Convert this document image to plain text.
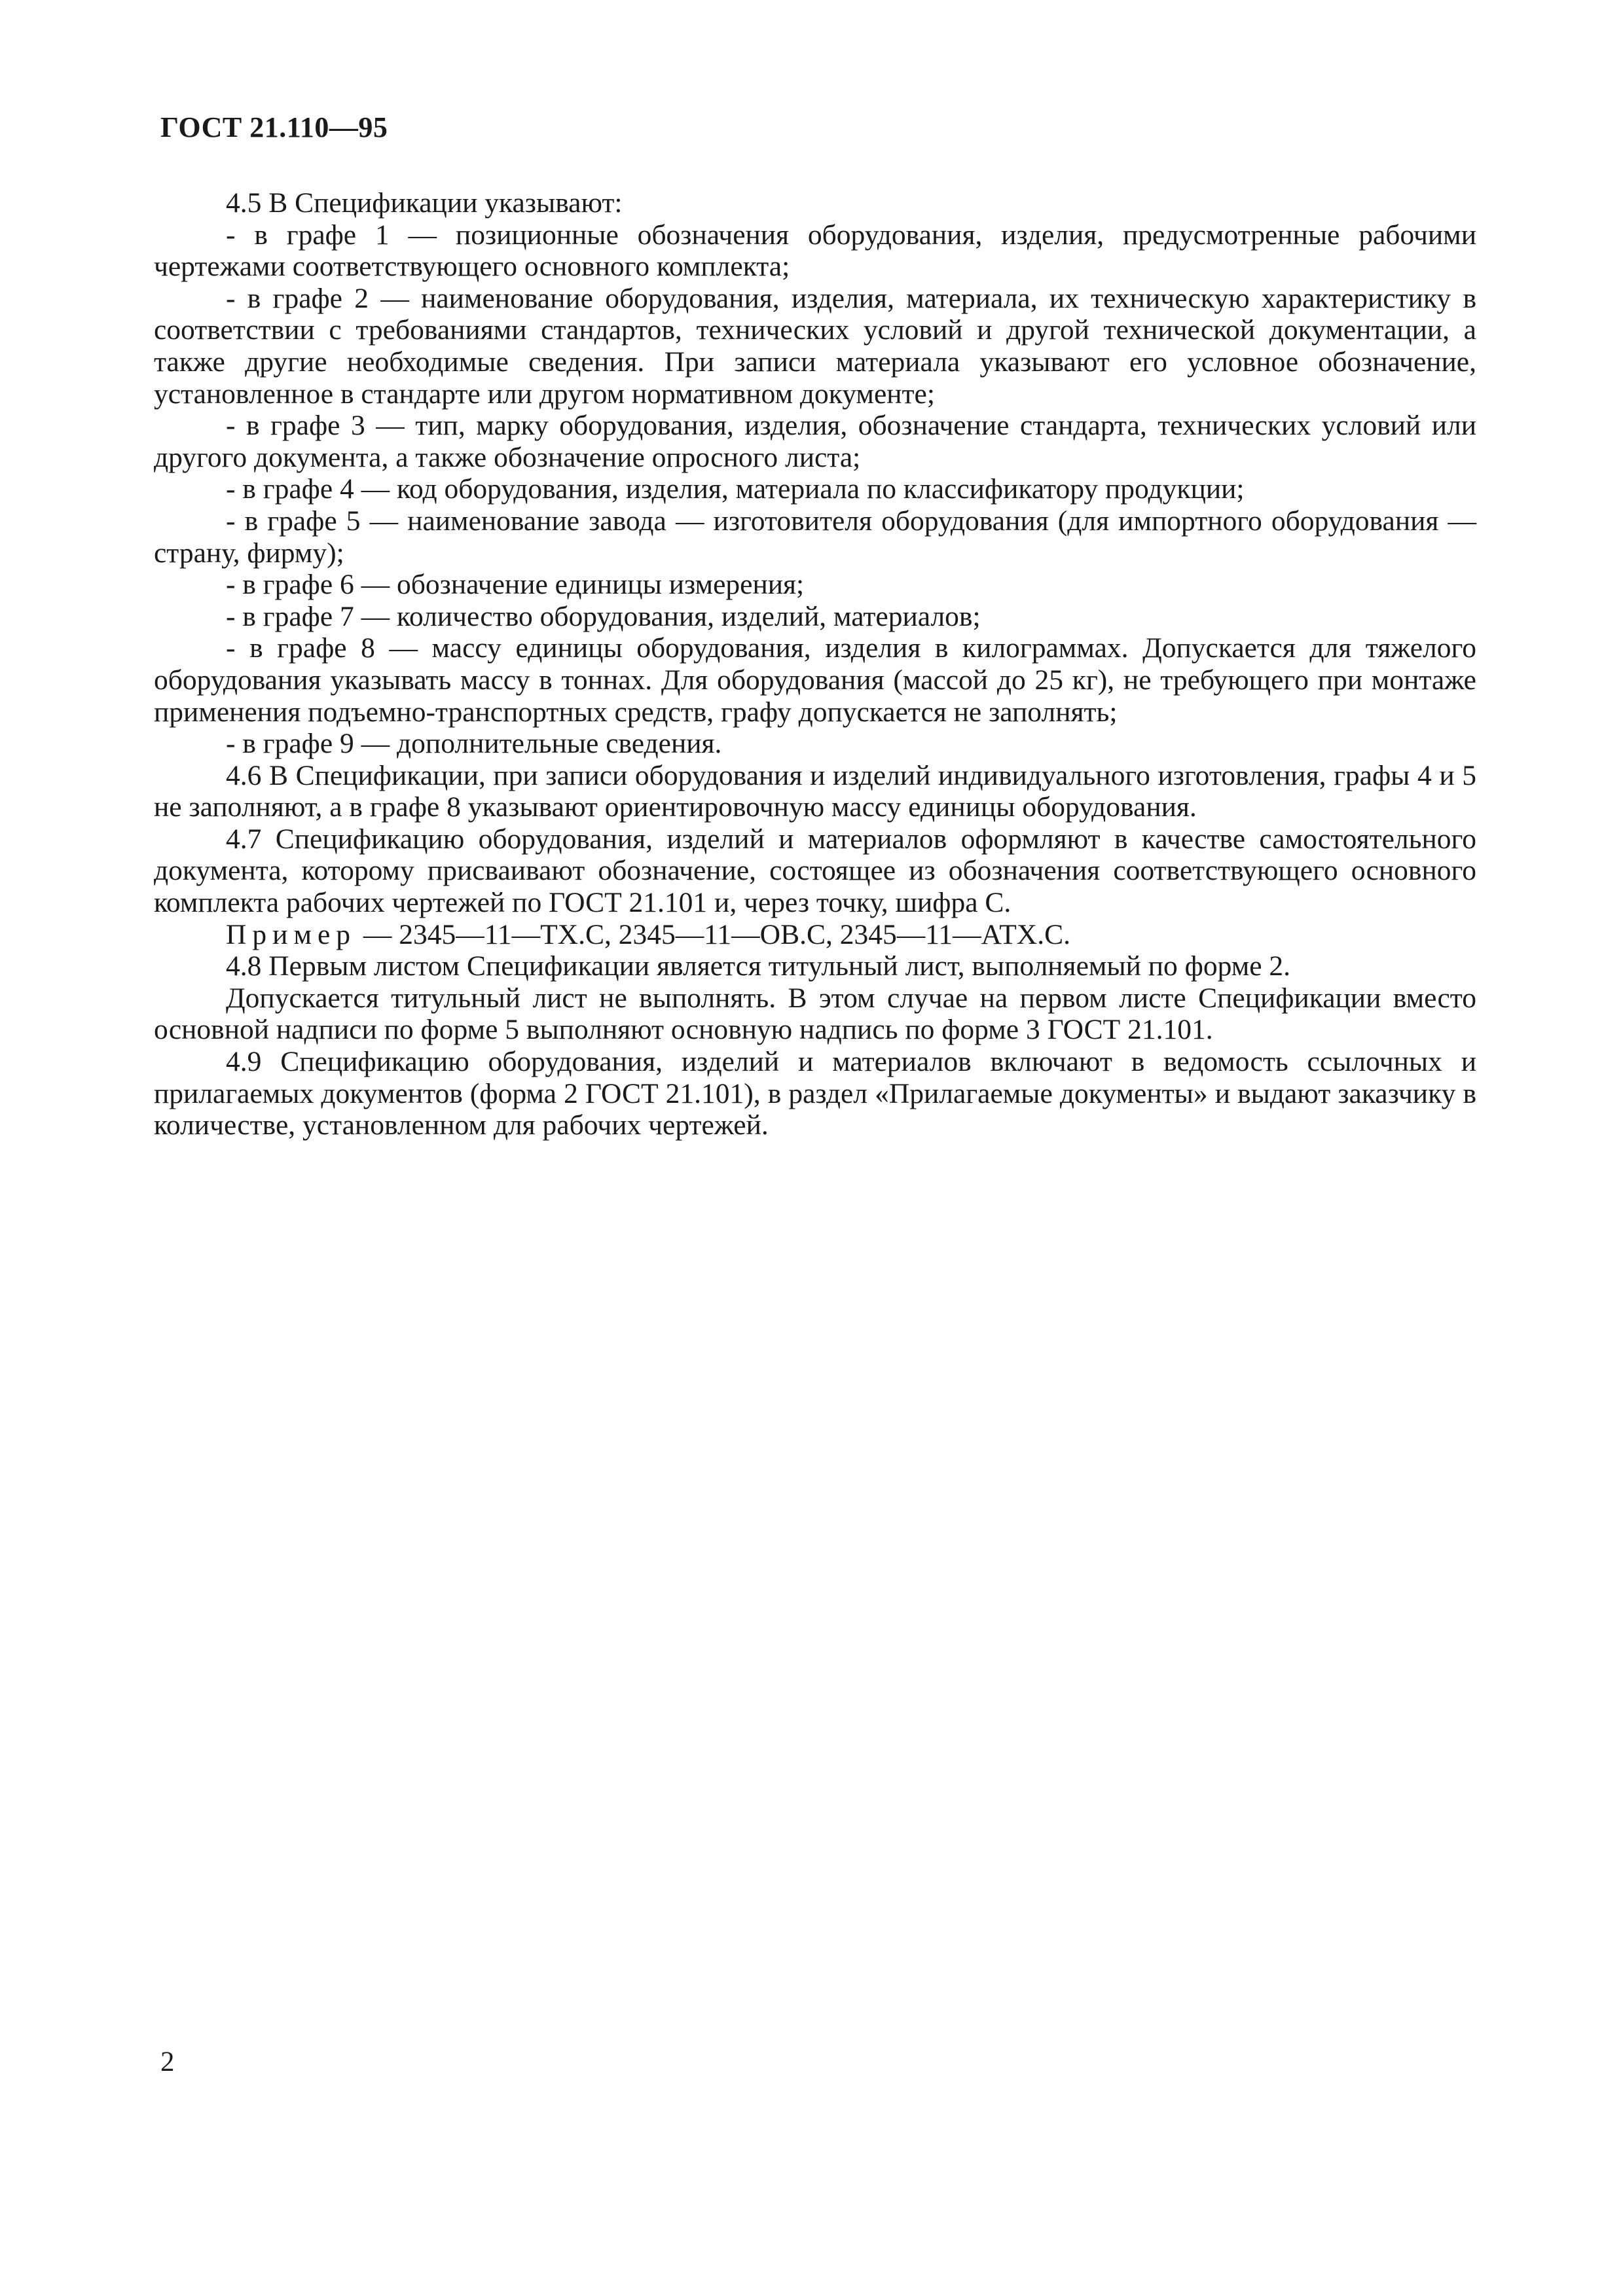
ГОСТ 21.110—95

4.5 В Спецификации указывают:

- в графе 1 — позиционные обозначения оборудования, изделия, предусмотренные рабочими чертежами соответствующего основного комплекта;

- в графе 2 — наименование оборудования, изделия, материала, их техническую характеристику в соответствии с требованиями стандартов, технических условий и другой технической документации, а также другие необходимые сведения. При записи материала указывают его условное обозначение, установленное в стандарте или другом нормативном документе;

- в графе 3 — тип, марку оборудования, изделия, обозначение стандарта, технических условий или другого документа, а также обозначение опросного листа;

- в графе 4 — код оборудования, изделия, материала по классификатору продукции;

- в графе 5 — наименование завода — изготовителя оборудования (для импортного оборудования — страну, фирму);

- в графе 6 — обозначение единицы измерения;

- в графе 7 — количество оборудования, изделий, материалов;

- в графе 8 — массу единицы оборудования, изделия в килограммах. Допускается для тяжелого оборудования указывать массу в тоннах. Для оборудования (массой до 25 кг), не требующего при монтаже применения подъемно-транспортных средств, графу допускается не заполнять;

- в графе 9 — дополнительные сведения.

4.6 В Спецификации, при записи оборудования и изделий индивидуального изготовления, графы 4 и 5 не заполняют, а в графе 8 указывают ориентировочную массу единицы оборудования.

4.7 Спецификацию оборудования, изделий и материалов оформляют в качестве самостоятельного документа, которому присваивают обозначение, состоящее из обозначения соответствующего основного комплекта рабочих чертежей по ГОСТ 21.101 и, через точку, шифра С.

Пример — 2345—11—ТХ.С, 2345—11—ОВ.С, 2345—11—АТХ.С.

4.8 Первым листом Спецификации является титульный лист, выполняемый по форме 2.

Допускается титульный лист не выполнять. В этом случае на первом листе Спецификации вместо основной надписи по форме 5 выполняют основную надпись по форме 3 ГОСТ 21.101.

4.9 Спецификацию оборудования, изделий и материалов включают в ведомость ссылочных и прилагаемых документов (форма 2 ГОСТ 21.101), в раздел «Прилагаемые документы» и выдают заказчику в количестве, установленном для рабочих чертежей.

2
